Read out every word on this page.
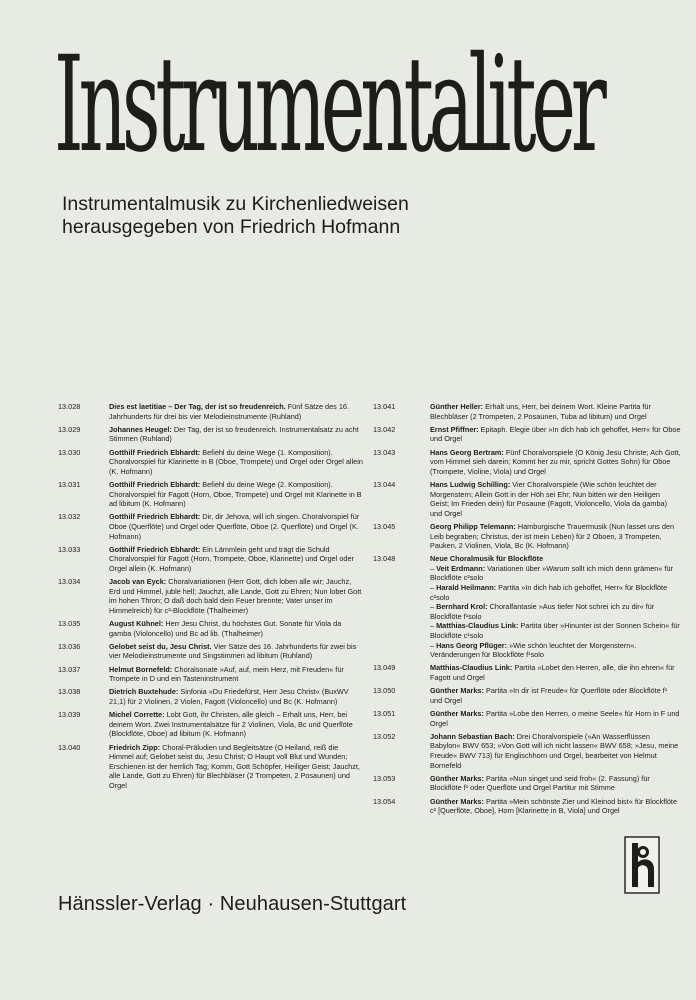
Instrumentaliter
Instrumentalmusik zu Kirchenliedweisen
herausgegeben von Friedrich Hofmann
13.028	Dies est laetitiae – Der Tag, der ist so freudenreich. Fünf Sätze des 16. Jahrhunderts für drei bis vier Melodieinstrumente (Ruhland)
13.029	Johannes Heugel: Der Tag, der ist so freudenreich. Instrumentalsatz zu acht Stimmen (Ruhland)
13.030	Gotthilf Friedrich Ebhardt: Befiehl du deine Wege (1. Komposition). Choralvorspiel für Klarinette in B (Oboe, Trompete) und Orgel oder Orgel allein (K. Hofmann)
13.031	Gotthilf Friedrich Ebhardt: Befiehl du deine Wege (2. Komposition). Choralvorspiel für Fagott (Horn, Oboe, Trompete) und Orgel mit Klarinette in B ad libitum (K. Hofmann)
13.032	Gotthilf Friedrich Ebhardt: Dir, dir Jehova, will ich singen. Choralvorspiel für Oboe (Querflöte) und Orgel oder Querflöte, Oboe (2. Querflöte) und Orgel (K. Hofmann)
13.033	Gotthilf Friedrich Ebhardt: Ein Lämmlein geht und trägt die Schuld Choralvorspiel für Fagott (Horn, Trompete, Oboe, Klarinette) und Orgel oder Orgel allein (K. Hofmann)
13.034	Jacob van Eyck: Choralvariationen (Herr Gott, dich loben alle wir; Jauchz, Erd und Himmel, juble hell; Jauchzt, alle Lande, Gott zu Ehren; Nun lobet Gott im hohen Thron; O daß doch bald dein Feuer brennte; Vater unser im Himmelreich) für c²-Blockflöte (Thalheimer)
13.035	August Kühnel: Herr Jesu Christ, du höchstes Gut. Sonate für Viola da gamba (Violoncello) und Bc ad lib. (Thalheimer)
13.036	Gelobet seist du, Jesu Christ. Vier Sätze des 16. Jahrhunderts für zwei bis vier Melodieinstrumente und Singstimmen ad libitum (Ruhland)
13.037	Helmut Bornefeld: Choralsonate »Auf, auf, mein Herz, mit Freuden« für Trompete in D und ein Tasteninstrument
13.038	Dietrich Buxtehude: Sinfonia »Du Friedefürst, Herr Jesu Christ« (BuxWV 21,1) für 2 Violinen, 2 Violen, Fagott (Violoncello) und Bc (K. Hofmann)
13.039	Michel Corrette: Lobt Gott, ihr Christen, alle gleich – Erhalt uns, Herr, bei deinem Wort. Zwei Instrumentalsätze für 2 Violinen, Viola, Bc und Querflöte (Blockflöte, Oboe) ad libitum (K. Hofmann)
13.040	Friedrich Zipp: Choral-Präludien und Begleitsätze (O Heiland, reiß die Himmel auf; Gelobet seist du, Jesu Christ; O Haupt voll Blut und Wunden; Erschienen ist der herrlich Tag; Komm, Gott Schöpfer, Heiliger Geist; Jauchzt, alle Lande, Gott zu Ehren) für Blechbläser (2 Trompeten, 2 Posaunen) und Orgel
13.041	Günther Heller: Erhalt uns, Herr, bei deinem Wort. Kleine Partita für Blechbläser (2 Trompeten, 2 Posaunen, Tuba ad libitum) und Orgel
13.042	Ernst Pfiffner: Epitaph. Elegie über »In dich hab ich gehoffet, Herr« für Oboe und Orgel
13.043	Hans Georg Bertram: Fünf Choralvorspiele (O König Jesu Christe; Ach Gott, vom Himmel sieh darein; Kommt her zu mir, spricht Gottes Sohn) für Oboe (Trompete, Violine, Viola) und Orgel
13.044	Hans Ludwig Schilling: Vier Choralvorspiele (Wie schön leuchtet der Morgenstern; Allein Gott in der Höh sei Ehr; Nun bitten wir den Heiligen Geist; Im Frieden dein) für Posaune (Fagott, Violoncello, Viola da gamba) und Orgel
13.045	Georg Philipp Telemann: Hamburgische Trauermusik (Nun lasset uns den Leib begraben; Christus, der ist mein Leben) für 2 Oboen, 3 Trompeten, Pauken, 2 Violinen, Viola, Bc (K. Hofmann)
13.048	Neue Choralmusik für Blockflöte
– Veit Erdmann: Variationen über »Warum sollt ich mich denn grämen« für Blockflöte c²solo
– Harald Heilmann: Partita »In dich hab ich gehoffet, Herr« für Blockflöte c²solo
– Bernhard Krol: Choralfantasie »Aus tiefer Not schrei ich zu dir« für Blockflöte f¹solo
– Matthias-Claudius Link: Partita über »Hinunter ist der Sonnen Schein« für Blockflöte c¹solo
– Hans Georg Pflüger: »Wie schön leuchtet der Morgenstern«. Veränderungen für Blockflöte f¹solo
13.049	Matthias-Claudius Link: Partita »Lobet den Herren, alle, die ihn ehren« für Fagott und Orgel
13.050	Günther Marks: Partita »In dir ist Freude« für Querflöte oder Blockflöte f¹ und Orgel
13.051	Günther Marks: Partita »Lobe den Herren, o meine Seele« für Horn in F und Orgel
13.052	Johann Sebastian Bach: Drei Choralvorspiele (»An Wasserflüssen Babylon« BWV 653; »Von Gott will ich nicht lassen« BWV 658; »Jesu, meine Freude« BWV 713) für Englischhorn und Orgel, bearbeitet von Helmut Bornefeld
13.053	Günther Marks: Partita »Nun singet und seid froh« (2. Fassung) für Blockflöte f¹ oder Querflöte und Orgel Partitur mit Stimme
13.054	Günther Marks: Partita »Mein schönste Zier und Kleinod bist« für Blockflöte c² [Querflöte, Oboe], Horn [Klarinette in B, Viola] und Orgel
Hänssler-Verlag · Neuhausen-Stuttgart
